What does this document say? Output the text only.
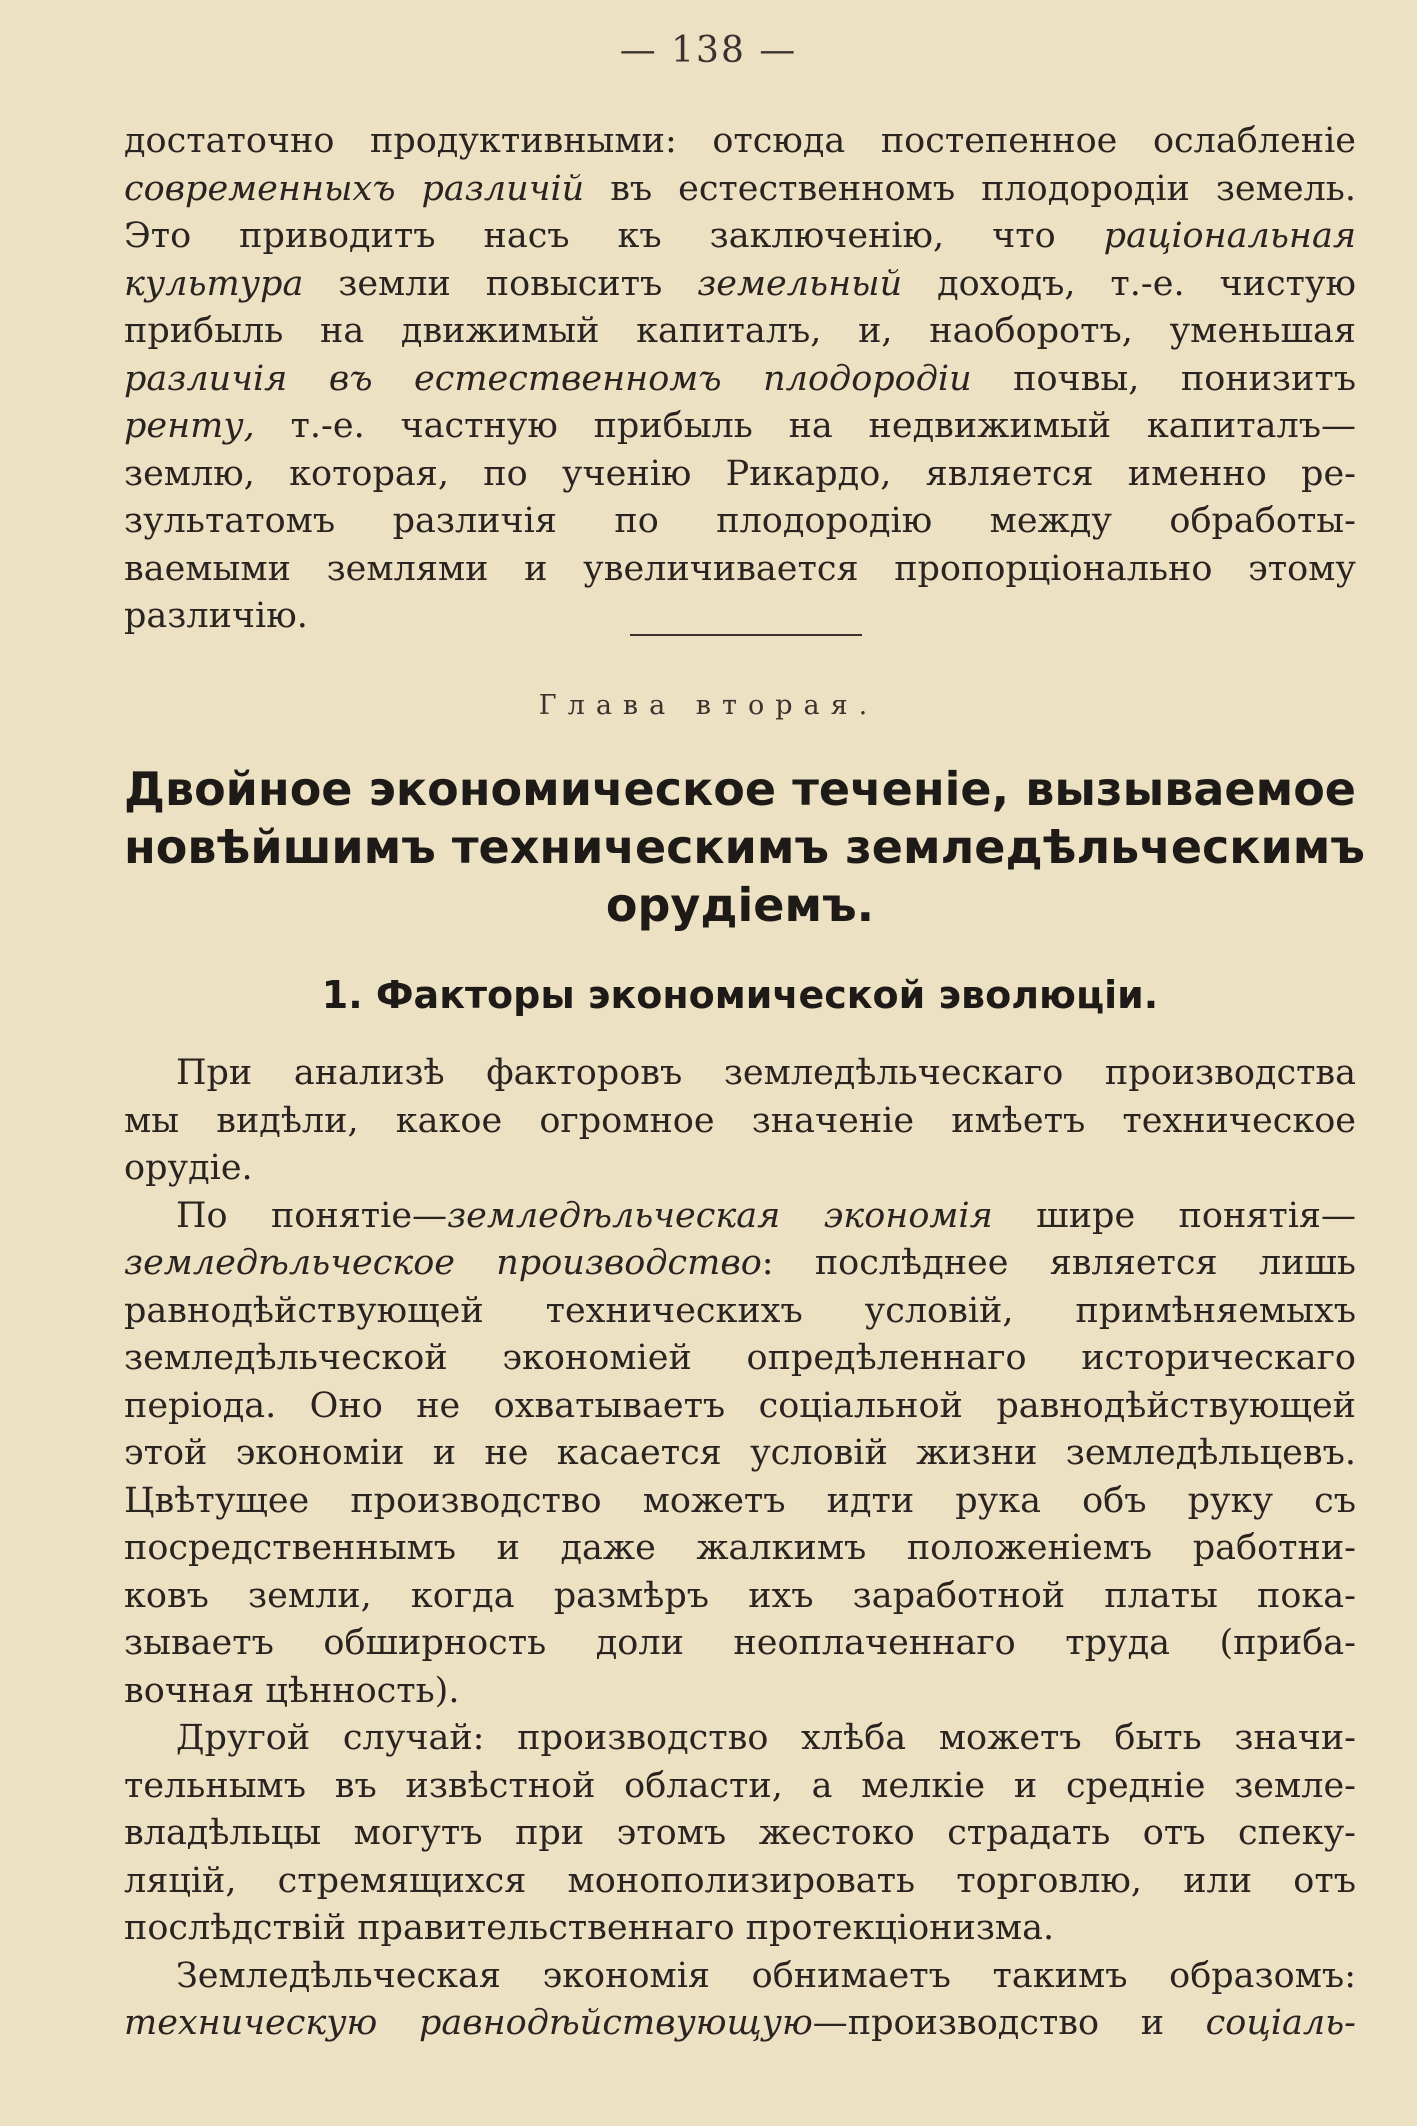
— 138 —
достаточно продуктивными: отсюда постепенное ослабленіе
современныхъ различій въ естественномъ плодородіи земель.
Это приводитъ насъ къ заключенію, что раціональная
культура земли повыситъ земельный доходъ, т.-е. чистую
прибыль на движимый капиталъ, и, наоборотъ, уменьшая
различія въ естественномъ плодородіи почвы, понизитъ
ренту, т.-е. частную прибыль на недвижимый капиталъ—
землю, которая, по ученію Рикардо, является именно ре-
зультатомъ различія по плодородію между обработы-
ваемыми землями и увеличивается пропорціонально этому
различію.
Глава вторая.
Двойное экономическое теченіе, вызываемое
новѣйшимъ техническимъ земледѣльческимъ
орудіемъ.
1. Факторы экономической эволюціи.
При анализѣ факторовъ земледѣльческаго производства
мы видѣли, какое огромное значеніе имѣетъ техническое
орудіе.
По понятіе—земледѣльческая экономія шире понятія—
земледѣльческое производство: послѣднее является лишь
равнодѣйствующей техническихъ условій, примѣняемыхъ
земледѣльческой экономіей опредѣленнаго историческаго
періода. Оно не охватываетъ соціальной равнодѣйствующей
этой экономіи и не касается условій жизни земледѣльцевъ.
Цвѣтущее производство можетъ идти рука объ руку съ
посредственнымъ и даже жалкимъ положеніемъ работни-
ковъ земли, когда размѣръ ихъ заработной платы пока-
зываетъ обширность доли неоплаченнаго труда (приба-
вочная цѣнность).
Другой случай: производство хлѣба можетъ быть значи-
тельнымъ въ извѣстной области, а мелкіе и средніе земле-
владѣльцы могутъ при этомъ жестоко страдать отъ спеку-
ляцій, стремящихся монополизировать торговлю, или отъ
послѣдствій правительственнаго протекціонизма.
Земледѣльческая экономія обнимаетъ такимъ образомъ:
техническую равнодѣйствующую—производство и соціаль-
